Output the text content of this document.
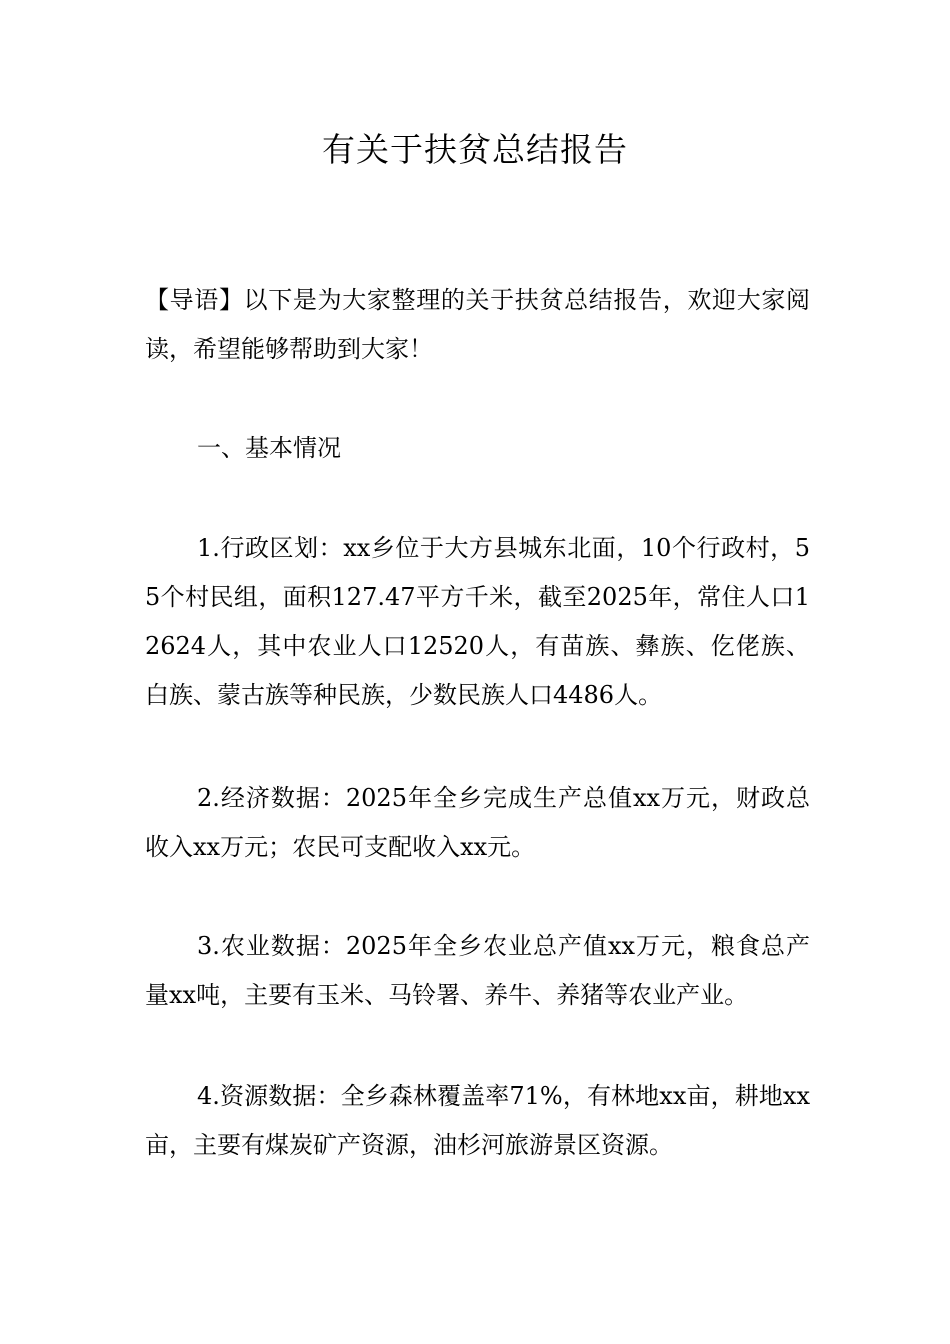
有关于扶贫总结报告

【导语】以下是为大家整理的关于扶贫总结报告，欢迎大家阅读，希望能够帮助到大家！

一、基本情况

1.行政区划：xx乡位于大方县城东北面，10个行政村，55个村民组，面积127.47平方千米，截至2025年，常住人口12624人，其中农业人口12520人，有苗族、彝族、仡佬族、白族、蒙古族等种民族，少数民族人口4486人。

2.经济数据：2025年全乡完成生产总值xx万元，财政总收入xx万元；农民可支配收入xx元。

3.农业数据：2025年全乡农业总产值xx万元，粮食总产量xx吨，主要有玉米、马铃署、养牛、养猪等农业产业。

4.资源数据：全乡森林覆盖率71%，有林地xx亩，耕地xx亩，主要有煤炭矿产资源，油杉河旅游景区资源。
